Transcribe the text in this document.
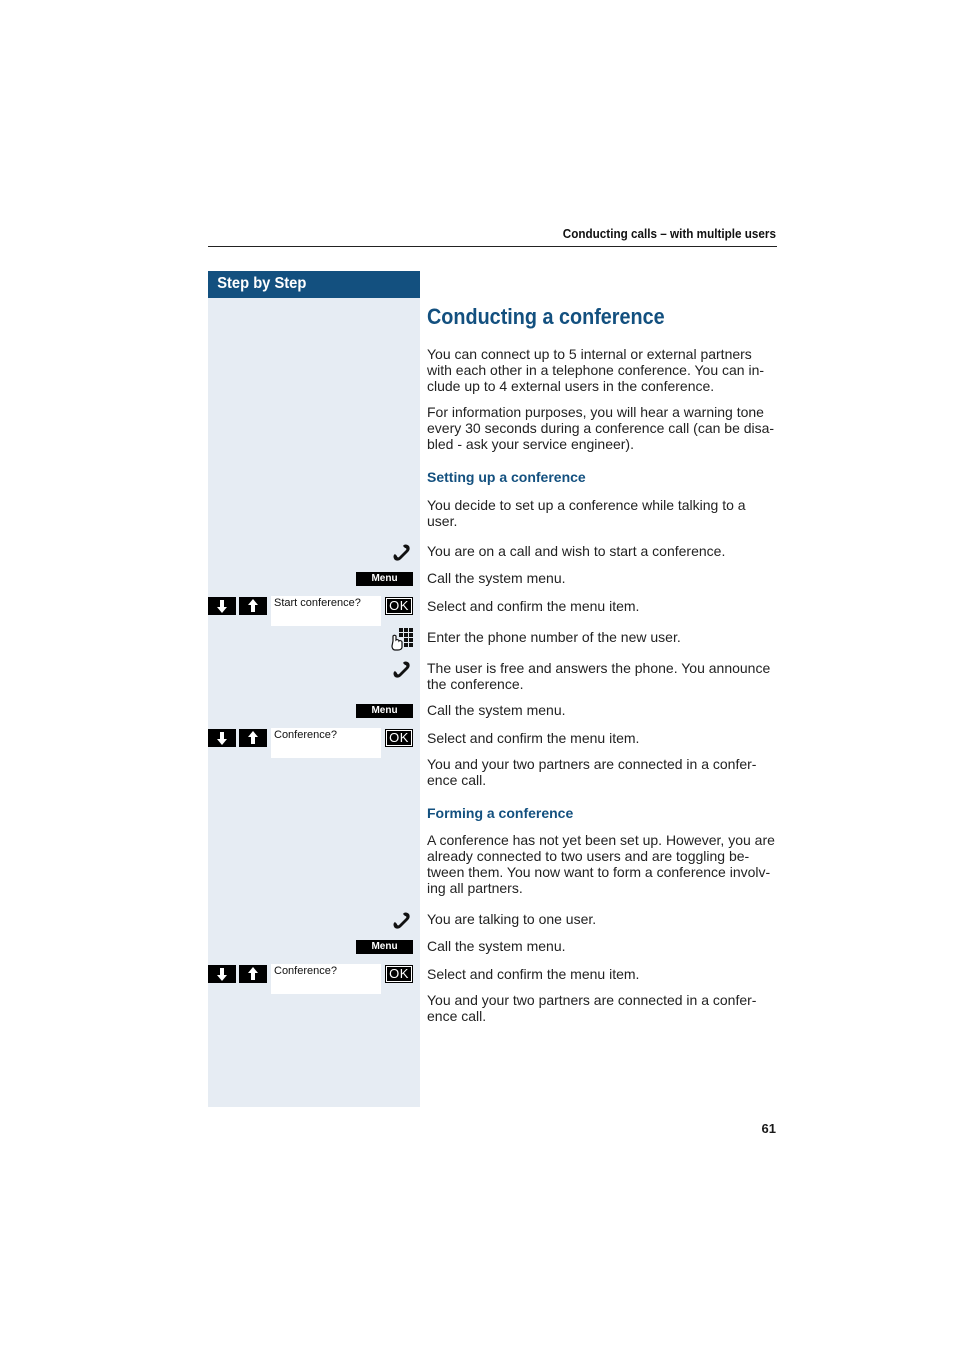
Conducting calls – with multiple users
Step by Step
Conducting a conference
You can connect up to 5 internal or external partners with each other in a telephone conference. You can in-clude up to 4 external users in the conference.
For information purposes, you will hear a warning tone every 30 seconds during a conference call (can be disa-bled - ask your service engineer).
Setting up a conference
You decide to set up a conference while talking to a user.
You are on a call and wish to start a conference.
Menu	Call the system menu.
Start conference?	OK Select and confirm the menu item.
Enter the phone number of the new user.
The user is free and answers the phone. You announce the conference.
Menu	Call the system menu.
Conference?	OK Select and confirm the menu item.
You and your two partners are connected in a confer-ence call.
Forming a conference
A conference has not yet been set up. However, you are already connected to two users and are toggling be-tween them. You now want to form a conference involv-ing all partners.
You are talking to one user.
Menu	Call the system menu.
Conference?	OK Select and confirm the menu item.
You and your two partners are connected in a confer-ence call.
61
